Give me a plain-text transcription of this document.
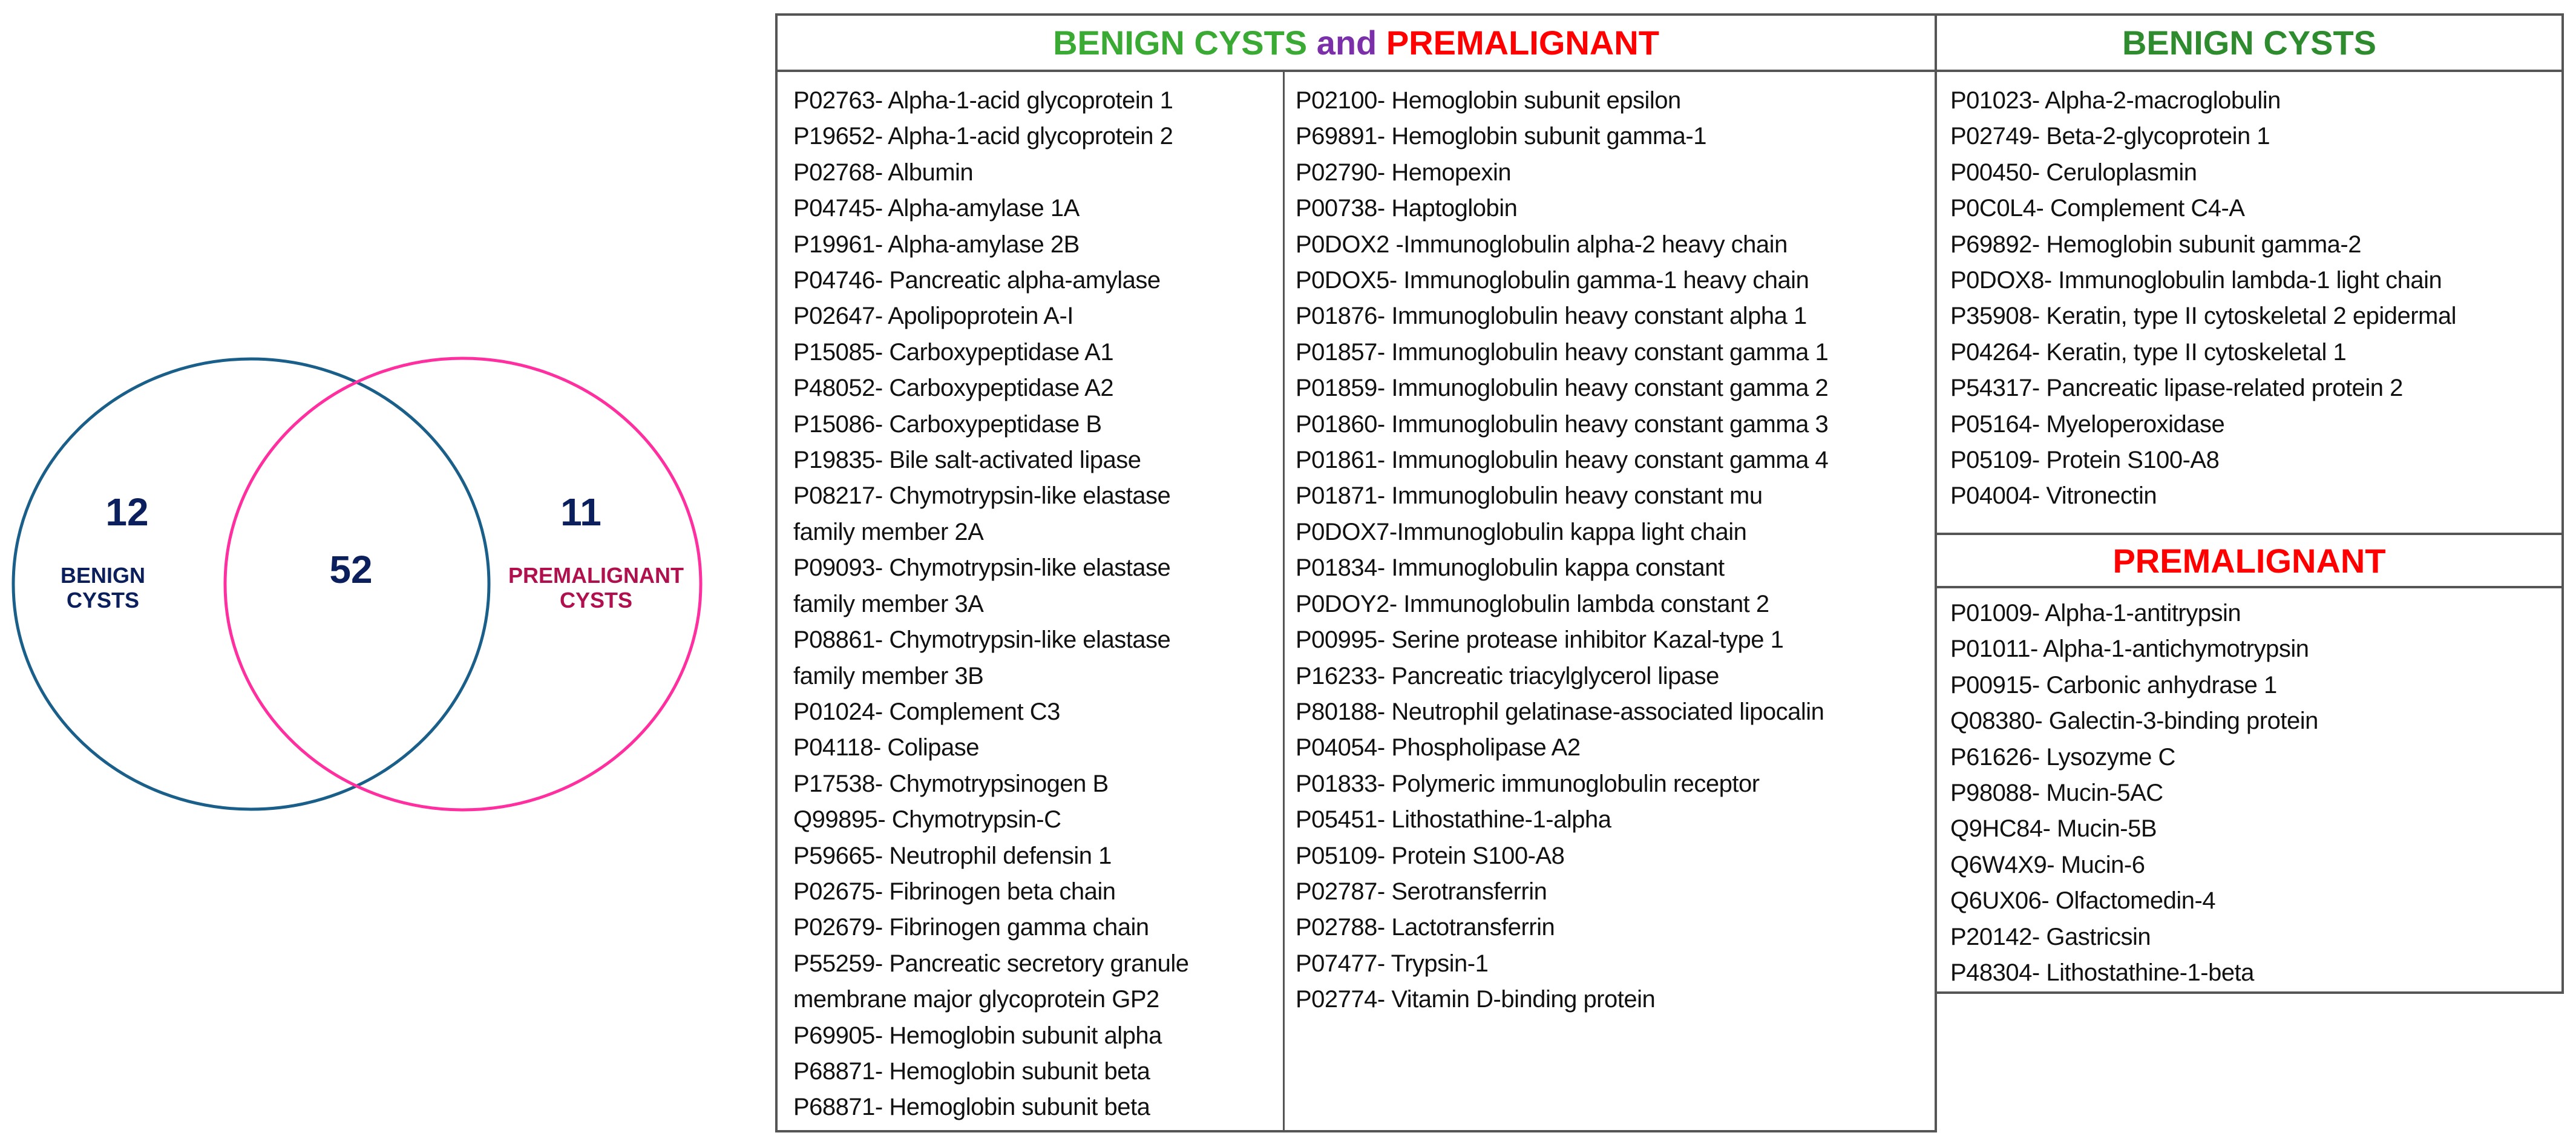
12
BENIGN
CYSTS
52
11
PREMALIGNANT
CYSTS
BENIGN CYSTS and PREMALIGNANT
P02763- Alpha-1-acid glycoprotein 1
P19652- Alpha-1-acid glycoprotein 2
P02768- Albumin
P04745- Alpha-amylase 1A
P19961- Alpha-amylase 2B
P04746- Pancreatic alpha-amylase
P02647- Apolipoprotein A-I
P15085- Carboxypeptidase A1
P48052- Carboxypeptidase A2
P15086- Carboxypeptidase B
P19835- Bile salt-activated lipase
P08217- Chymotrypsin-like elastase
family member 2A
P09093- Chymotrypsin-like elastase
family member 3A
P08861- Chymotrypsin-like elastase
family member 3B
P01024- Complement C3
P04118- Colipase
P17538- Chymotrypsinogen B
Q99895- Chymotrypsin-C
P59665- Neutrophil defensin 1
P02675- Fibrinogen beta chain
P02679- Fibrinogen gamma chain
P55259- Pancreatic secretory granule
membrane major glycoprotein GP2
P69905- Hemoglobin subunit alpha
P68871- Hemoglobin subunit beta
P68871- Hemoglobin subunit beta
P02100- Hemoglobin subunit epsilon
P69891- Hemoglobin subunit gamma-1
P02790- Hemopexin
P00738- Haptoglobin
P0DOX2 -Immunoglobulin alpha-2 heavy chain
P0DOX5- Immunoglobulin gamma-1 heavy chain
P01876- Immunoglobulin heavy constant alpha 1
P01857- Immunoglobulin heavy constant gamma 1
P01859- Immunoglobulin heavy constant gamma 2
P01860- Immunoglobulin heavy constant gamma 3
P01861- Immunoglobulin heavy constant gamma 4
P01871- Immunoglobulin heavy constant mu
P0DOX7-Immunoglobulin kappa light chain
P01834- Immunoglobulin kappa constant
P0DOY2- Immunoglobulin lambda constant 2
P00995- Serine protease inhibitor Kazal-type 1
P16233- Pancreatic triacylglycerol lipase
P80188- Neutrophil gelatinase-associated lipocalin
P04054- Phospholipase A2
P01833- Polymeric immunoglobulin receptor
P05451- Lithostathine-1-alpha
P05109- Protein S100-A8
P02787- Serotransferrin
P02788- Lactotransferrin
P07477- Trypsin-1
P02774- Vitamin D-binding protein
BENIGN CYSTS
P01023- Alpha-2-macroglobulin
P02749- Beta-2-glycoprotein 1
P00450- Ceruloplasmin
P0C0L4- Complement C4-A
P69892- Hemoglobin subunit gamma-2
P0DOX8- Immunoglobulin lambda-1 light chain
P35908- Keratin, type II cytoskeletal 2 epidermal
P04264- Keratin, type II cytoskeletal 1
P54317- Pancreatic lipase-related protein 2
P05164- Myeloperoxidase
P05109- Protein S100-A8
P04004- Vitronectin
PREMALIGNANT
P01009- Alpha-1-antitrypsin
P01011- Alpha-1-antichymotrypsin
P00915- Carbonic anhydrase 1
Q08380- Galectin-3-binding protein
P61626- Lysozyme C
P98088- Mucin-5AC
Q9HC84- Mucin-5B
Q6W4X9- Mucin-6
Q6UX06- Olfactomedin-4
P20142- Gastricsin
P48304- Lithostathine-1-beta
